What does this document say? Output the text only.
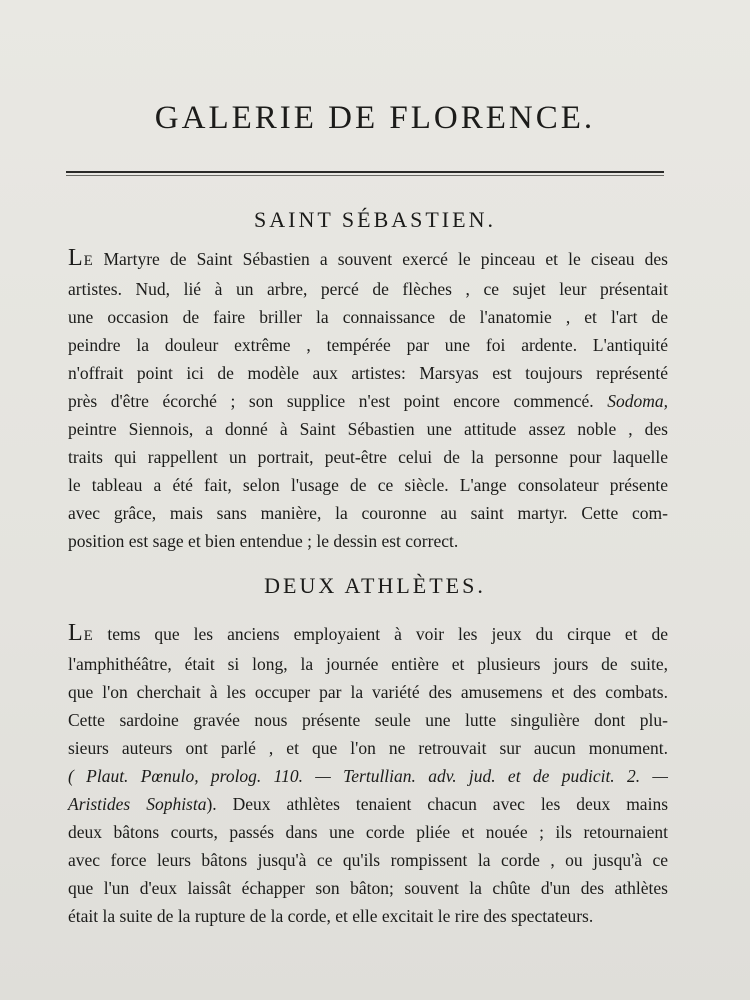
GALERIE DE FLORENCE.
SAINT SÉBASTIEN.

LE Martyre de Saint Sébastien a souvent exercé le pinceau et le ciseau des
artistes. Nud, lié à un arbre, percé de flèches , ce sujet leur présentait
une occasion de faire briller la connaissance de l'anatomie , et l'art de
peindre la douleur extrême , tempérée par une foi ardente. L'antiquité
n'offrait point ici de modèle aux artistes: Marsyas est toujours représenté
près d'être écorché ; son supplice n'est point encore commencé. Sodoma,
peintre Siennois, a donné à Saint Sébastien une attitude assez noble , des
traits qui rappellent un portrait, peut-être celui de la personne pour laquelle
le tableau a été fait, selon l'usage de ce siècle. L'ange consolateur présente
avec grâce, mais sans manière, la couronne au saint martyr. Cette com-
position est sage et bien entendue ; le dessin est correct.

DEUX ATHLÈTES.

LE tems que les anciens employaient à voir les jeux du cirque et de
l'amphithéâtre, était si long, la journée entière et plusieurs jours de suite,
que l'on cherchait à les occuper par la variété des amusemens et des combats.
Cette sardoine gravée nous présente seule une lutte singulière dont plu-
sieurs auteurs ont parlé , et que l'on ne retrouvait sur aucun monument.
( Plaut. Pœnulo, prolog. 110. — Tertullian. adv. jud. et de pudicit. 2. —
Aristides Sophista). Deux athlètes tenaient chacun avec les deux mains
deux bâtons courts, passés dans une corde pliée et nouée ; ils retournaient
avec force leurs bâtons jusqu'à ce qu'ils rompissent la corde , ou jusqu'à ce
que l'un d'eux laissât échapper son bâton; souvent la chûte d'un des athlètes
était la suite de la rupture de la corde, et elle excitait le rire des spectateurs.
